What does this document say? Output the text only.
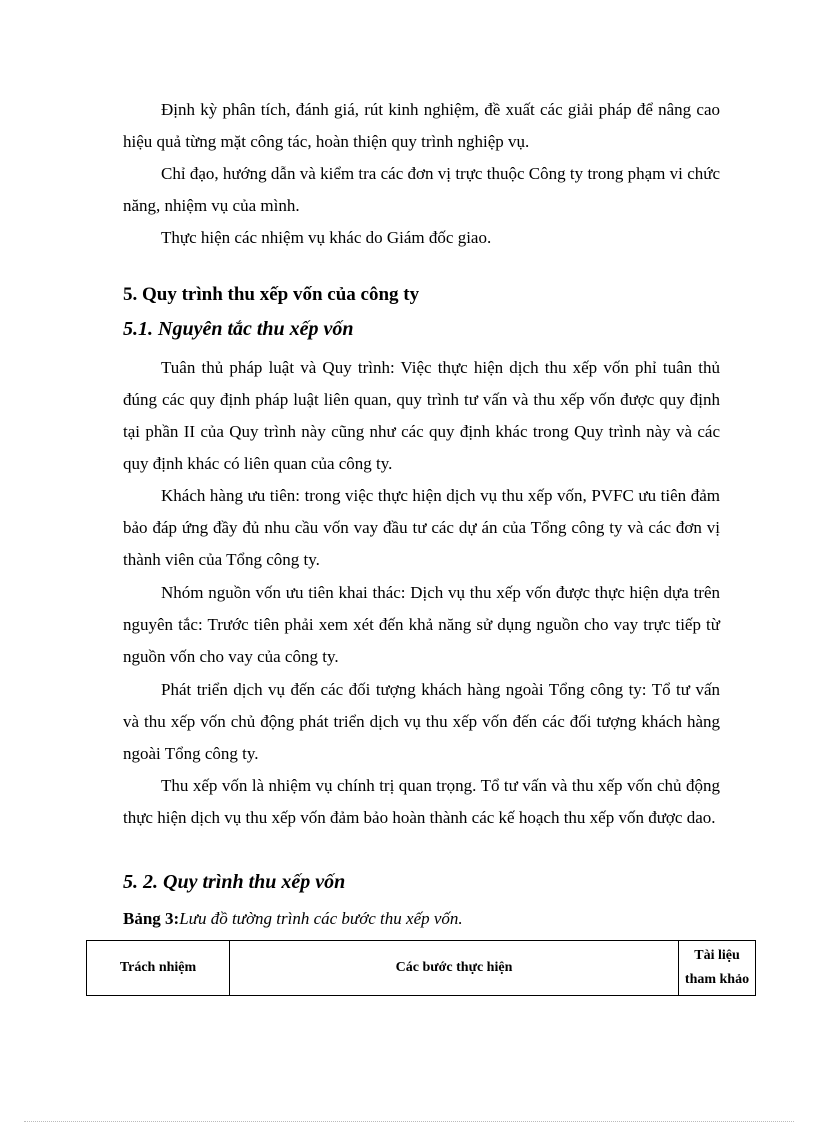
Định kỳ phân tích, đánh giá, rút kinh nghiệm, đề xuất các giải pháp để nâng cao hiệu quả từng mặt công tác, hoàn thiện quy trình nghiệp vụ.

Chỉ đạo, hướng dẫn và kiểm tra các đơn vị trực thuộc Công ty trong phạm vi chức năng, nhiệm vụ của mình.

Thực hiện các nhiệm vụ khác do Giám đốc giao.

5. Quy trình thu xếp vốn của công ty
5.1. Nguyên tắc thu xếp vốn

Tuân thủ pháp luật và Quy trình: Việc thực hiện dịch thu xếp vốn phỉ tuân thủ đúng các quy định pháp luật liên quan, quy trình tư vấn và thu xếp vốn được quy định tại phần II của Quy trình này cũng như các quy định khác trong Quy trình này và các quy định khác có liên quan của công ty.

Khách hàng ưu tiên: trong việc thực hiện dịch vụ thu xếp vốn, PVFC ưu tiên đảm bảo đáp ứng đầy đủ nhu cầu vốn vay đầu tư các dự án của Tổng công ty và các đơn vị thành viên của Tổng công ty.

Nhóm nguồn vốn ưu tiên khai thác: Dịch vụ thu xếp vốn được thực hiện dựa trên nguyên tắc: Trước tiên phải xem xét đến khả năng sử dụng nguồn cho vay trực tiếp từ nguồn vốn cho vay của công ty.

Phát triển dịch vụ đến các đối tượng khách hàng ngoài Tổng công ty: Tổ tư vấn và thu xếp vốn chủ động phát triển dịch vụ thu xếp vốn đến các đối tượng khách hàng ngoài Tổng công ty.

Thu xếp vốn là nhiệm vụ chính trị quan trọng. Tổ tư vấn và thu xếp vốn chủ động thực hiện dịch vụ thu xếp vốn đảm bảo hoàn thành các kế hoạch thu xếp vốn được dao.

5. 2. Quy trình thu xếp vốn

Bảng 3:Lưu đồ tường trình các bước thu xếp vốn.

Trách nhiệm	Các bước thực hiện	Tài liệu tham khảo
